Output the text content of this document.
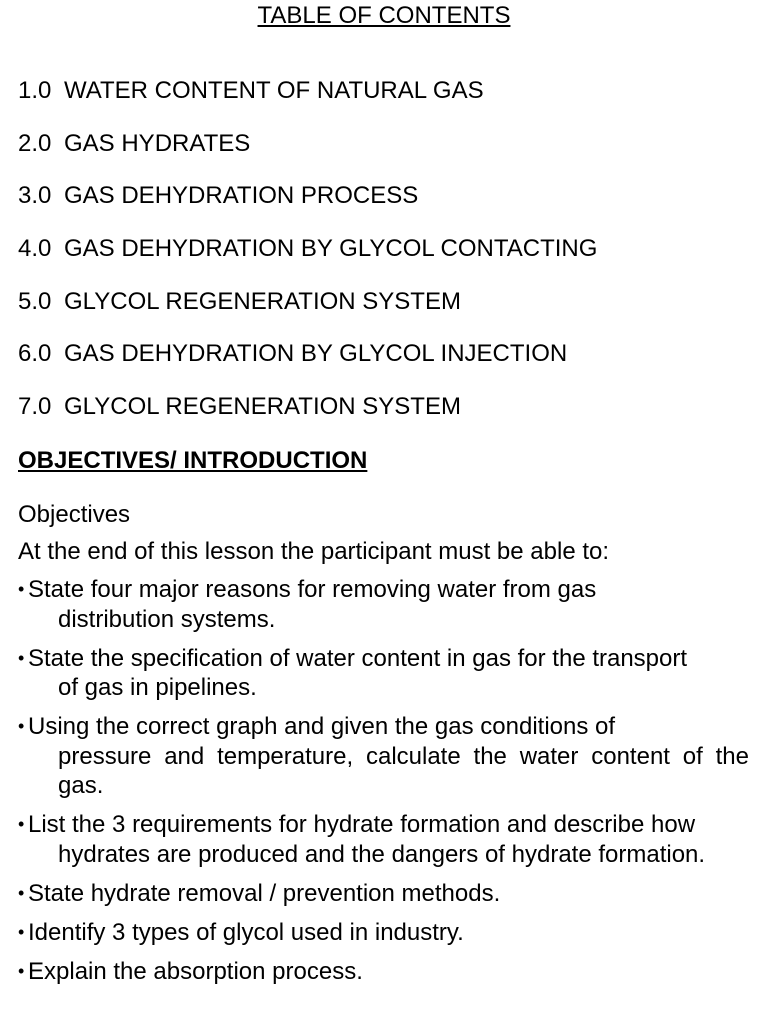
TABLE OF CONTENTS
1.0 WATER CONTENT OF NATURAL GAS
2.0 GAS HYDRATES
3.0 GAS DEHYDRATION PROCESS
4.0 GAS DEHYDRATION BY GLYCOL CONTACTING
5.0 GLYCOL REGENERATION SYSTEM
6.0 GAS DEHYDRATION BY GLYCOL INJECTION
7.0 GLYCOL REGENERATION SYSTEM
OBJECTIVES/ INTRODUCTION
Objectives
At the end of this lesson the participant must be able to:
• State four major reasons for removing water from gas
distribution systems.
• State the specification of water content in gas for the transport
of gas in pipelines.
• Using the correct graph and given the gas conditions of
pressure and temperature, calculate the water content of the gas.
• List the 3 requirements for hydrate formation and describe how
hydrates are produced and the dangers of hydrate formation.
• State hydrate removal / prevention methods.
• Identify 3 types of glycol used in industry.
• Explain the absorption process.
